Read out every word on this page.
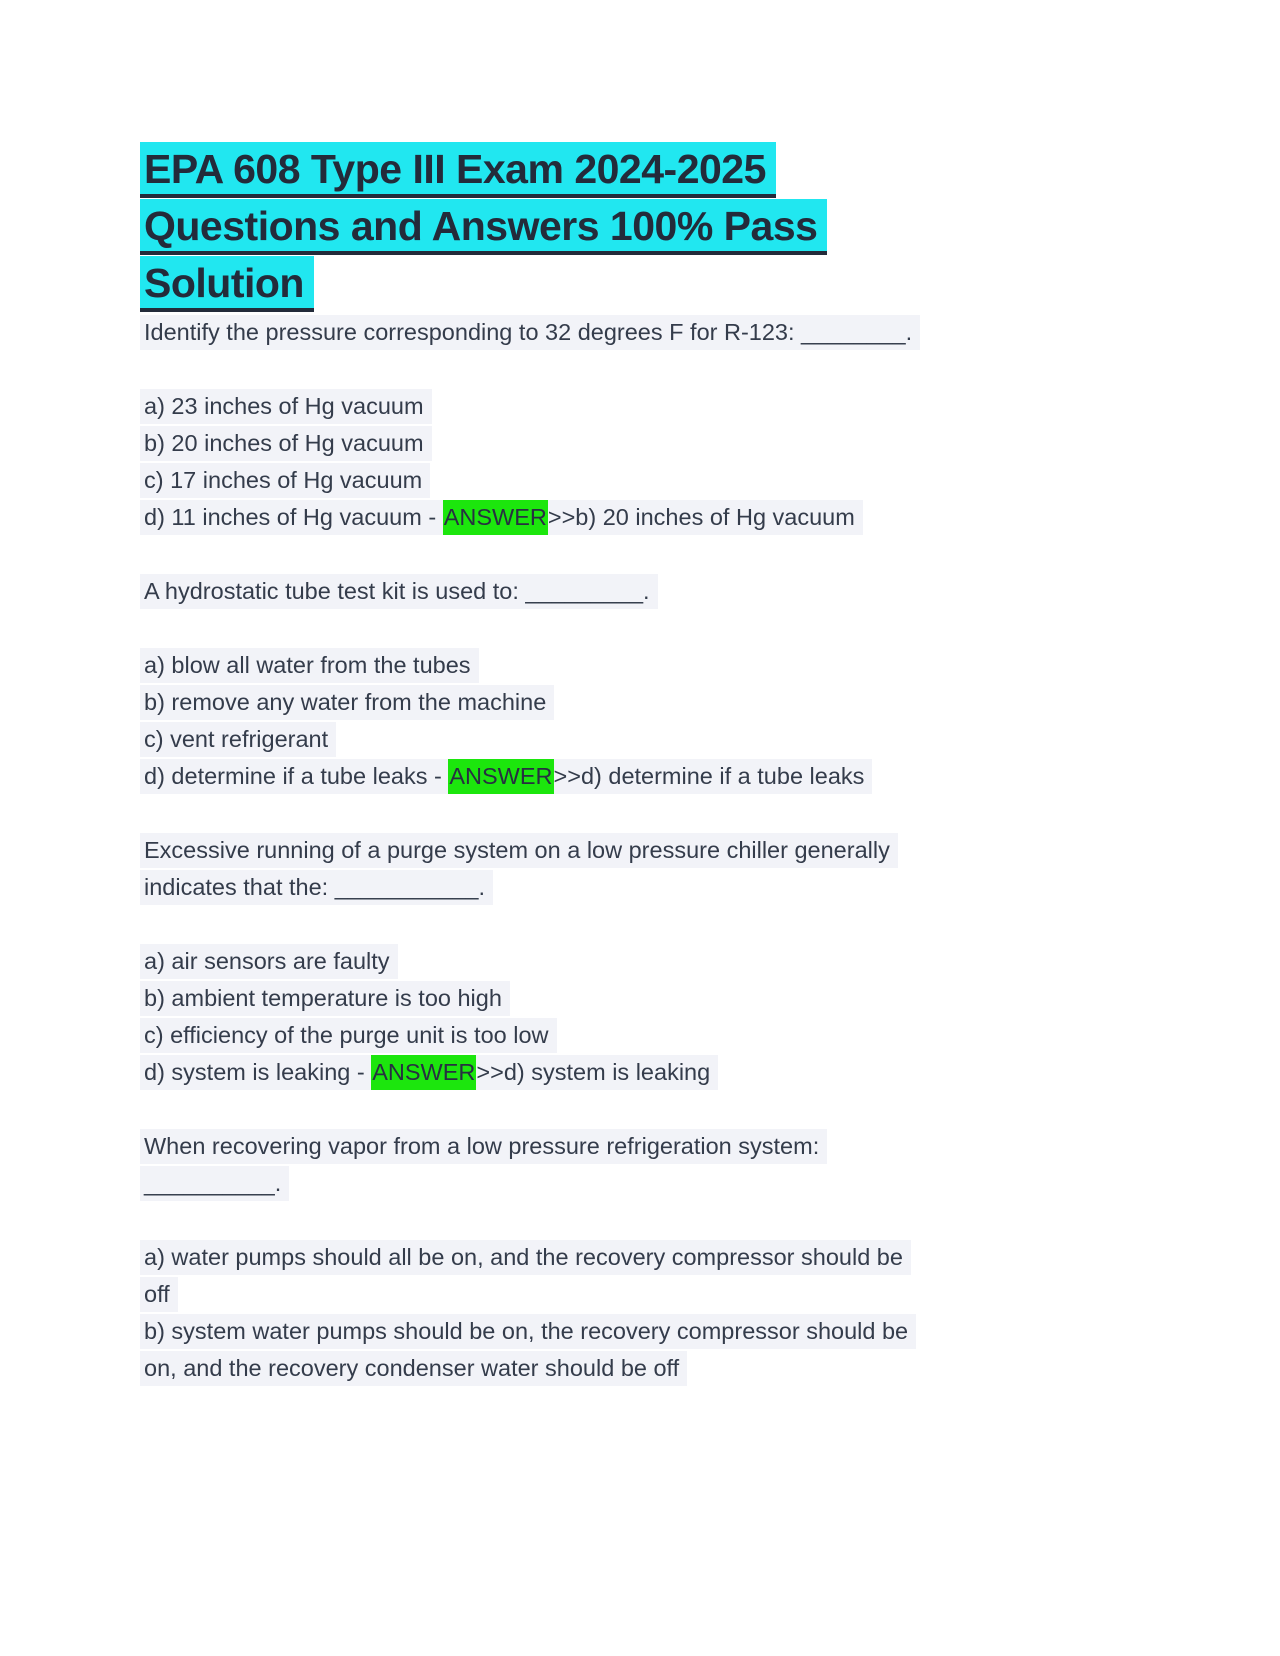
EPA 608 Type III Exam 2024-2025
Questions and Answers 100% Pass
Solution
Identify the pressure corresponding to 32 degrees F for R-123: ________.
a) 23 inches of Hg vacuum
b) 20 inches of Hg vacuum
c) 17 inches of Hg vacuum
d) 11 inches of Hg vacuum - ANSWER>>b) 20 inches of Hg vacuum
A hydrostatic tube test kit is used to: _________.
a) blow all water from the tubes
b) remove any water from the machine
c) vent refrigerant
d) determine if a tube leaks - ANSWER>>d) determine if a tube leaks
Excessive running of a purge system on a low pressure chiller generally
indicates that the: ___________.
a) air sensors are faulty
b) ambient temperature is too high
c) efficiency of the purge unit is too low
d) system is leaking - ANSWER>>d) system is leaking
When recovering vapor from a low pressure refrigeration system:
__________.
a) water pumps should all be on, and the recovery compressor should be
off
b) system water pumps should be on, the recovery compressor should be
on, and the recovery condenser water should be off
